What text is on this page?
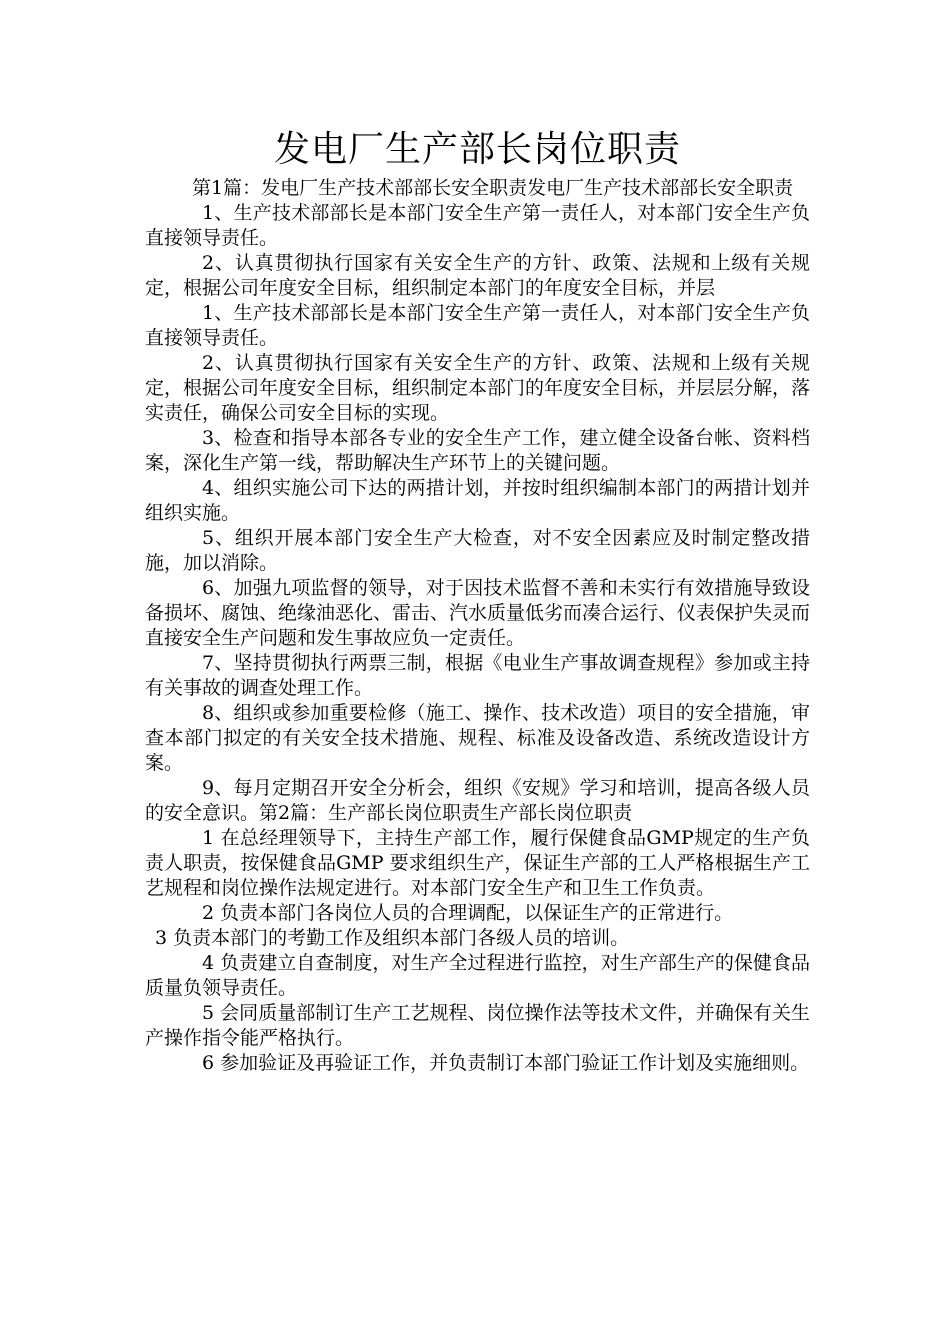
发电厂生产部长岗位职责

第1篇：发电厂生产技术部部长安全职责发电厂生产技术部部长安全职责

1、生产技术部部长是本部门安全生产第一责任人，对本部门安全生产负直接领导责任。

2、认真贯彻执行国家有关安全生产的方针、政策、法规和上级有关规定，根据公司年度安全目标，组织制定本部门的年度安全目标，并层

1、生产技术部部长是本部门安全生产第一责任人，对本部门安全生产负直接领导责任。

2、认真贯彻执行国家有关安全生产的方针、政策、法规和上级有关规定，根据公司年度安全目标，组织制定本部门的年度安全目标，并层层分解，落实责任，确保公司安全目标的实现。

3、检查和指导本部各专业的安全生产工作，建立健全设备台帐、资料档案，深化生产第一线，帮助解决生产环节上的关键问题。

4、组织实施公司下达的两措计划，并按时组织编制本部门的两措计划并组织实施。

5、组织开展本部门安全生产大检查，对不安全因素应及时制定整改措施，加以消除。

6、加强九项监督的领导，对于因技术监督不善和未实行有效措施导致设备损坏、腐蚀、绝缘油恶化、雷击、汽水质量低劣而凑合运行、仪表保护失灵而直接安全生产问题和发生事故应负一定责任。

7、坚持贯彻执行两票三制，根据《电业生产事故调查规程》参加或主持有关事故的调查处理工作。

8、组织或参加重要检修（施工、操作、技术改造）项目的安全措施，审查本部门拟定的有关安全技术措施、规程、标准及设备改造、系统改造设计方案。

9、每月定期召开安全分析会，组织《安规》学习和培训，提高各级人员的安全意识。第2篇：生产部长岗位职责生产部长岗位职责

1 在总经理领导下，主持生产部工作，履行保健食品GMP规定的生产负责人职责，按保健食品GMP 要求组织生产，保证生产部的工人严格根据生产工艺规程和岗位操作法规定进行。对本部门安全生产和卫生工作负责。

2 负责本部门各岗位人员的合理调配，以保证生产的正常进行。

3 负责本部门的考勤工作及组织本部门各级人员的培训。

4 负责建立自查制度，对生产全过程进行监控，对生产部生产的保健食品质量负领导责任。

5 会同质量部制订生产工艺规程、岗位操作法等技术文件，并确保有关生产操作指令能严格执行。

6 参加验证及再验证工作，并负责制订本部门验证工作计划及实施细则。
